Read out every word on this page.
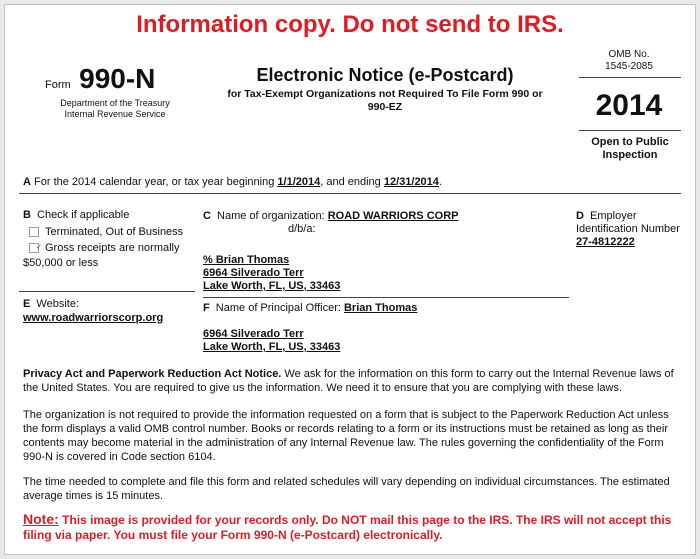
Information copy. Do not send to IRS.
Form 990-N
Department of the Treasury
Internal Revenue Service
Electronic Notice (e-Postcard)
for Tax-Exempt Organizations not Required To File Form 990 or 990-EZ
OMB No.
1545-2085
2014
Open to Public Inspection
A For the 2014 calendar year, or tax year beginning 1/1/2014, and ending 12/31/2014.
B Check if applicable
Terminated, Out of Business
✓ Gross receipts are normally $50,000 or less
E Website:
www.roadwarriorscorp.org
C Name of organization: ROAD WARRIORS CORP
d/b/a:
% Brian Thomas
6964 Silverado Terr
Lake Worth, FL, US, 33463
F Name of Principal Officer: Brian Thomas
6964 Silverado Terr
Lake Worth, FL, US, 33463
D Employer Identification Number
27-4812222
Privacy Act and Paperwork Reduction Act Notice. We ask for the information on this form to carry out the Internal Revenue laws of the United States. You are required to give us the information. We need it to ensure that you are complying with these laws.
The organization is not required to provide the information requested on a form that is subject to the Paperwork Reduction Act unless the form displays a valid OMB control number. Books or records relating to a form or its instructions must be retained as long as their contents may become material in the administration of any Internal Revenue law. The rules governing the confidentiality of the Form 990-N is covered in Code section 6104.
The time needed to complete and file this form and related schedules will vary depending on individual circumstances. The estimated average times is 15 minutes.
Note: This image is provided for your records only. Do NOT mail this page to the IRS. The IRS will not accept this filing via paper. You must file your Form 990-N (e-Postcard) electronically.
